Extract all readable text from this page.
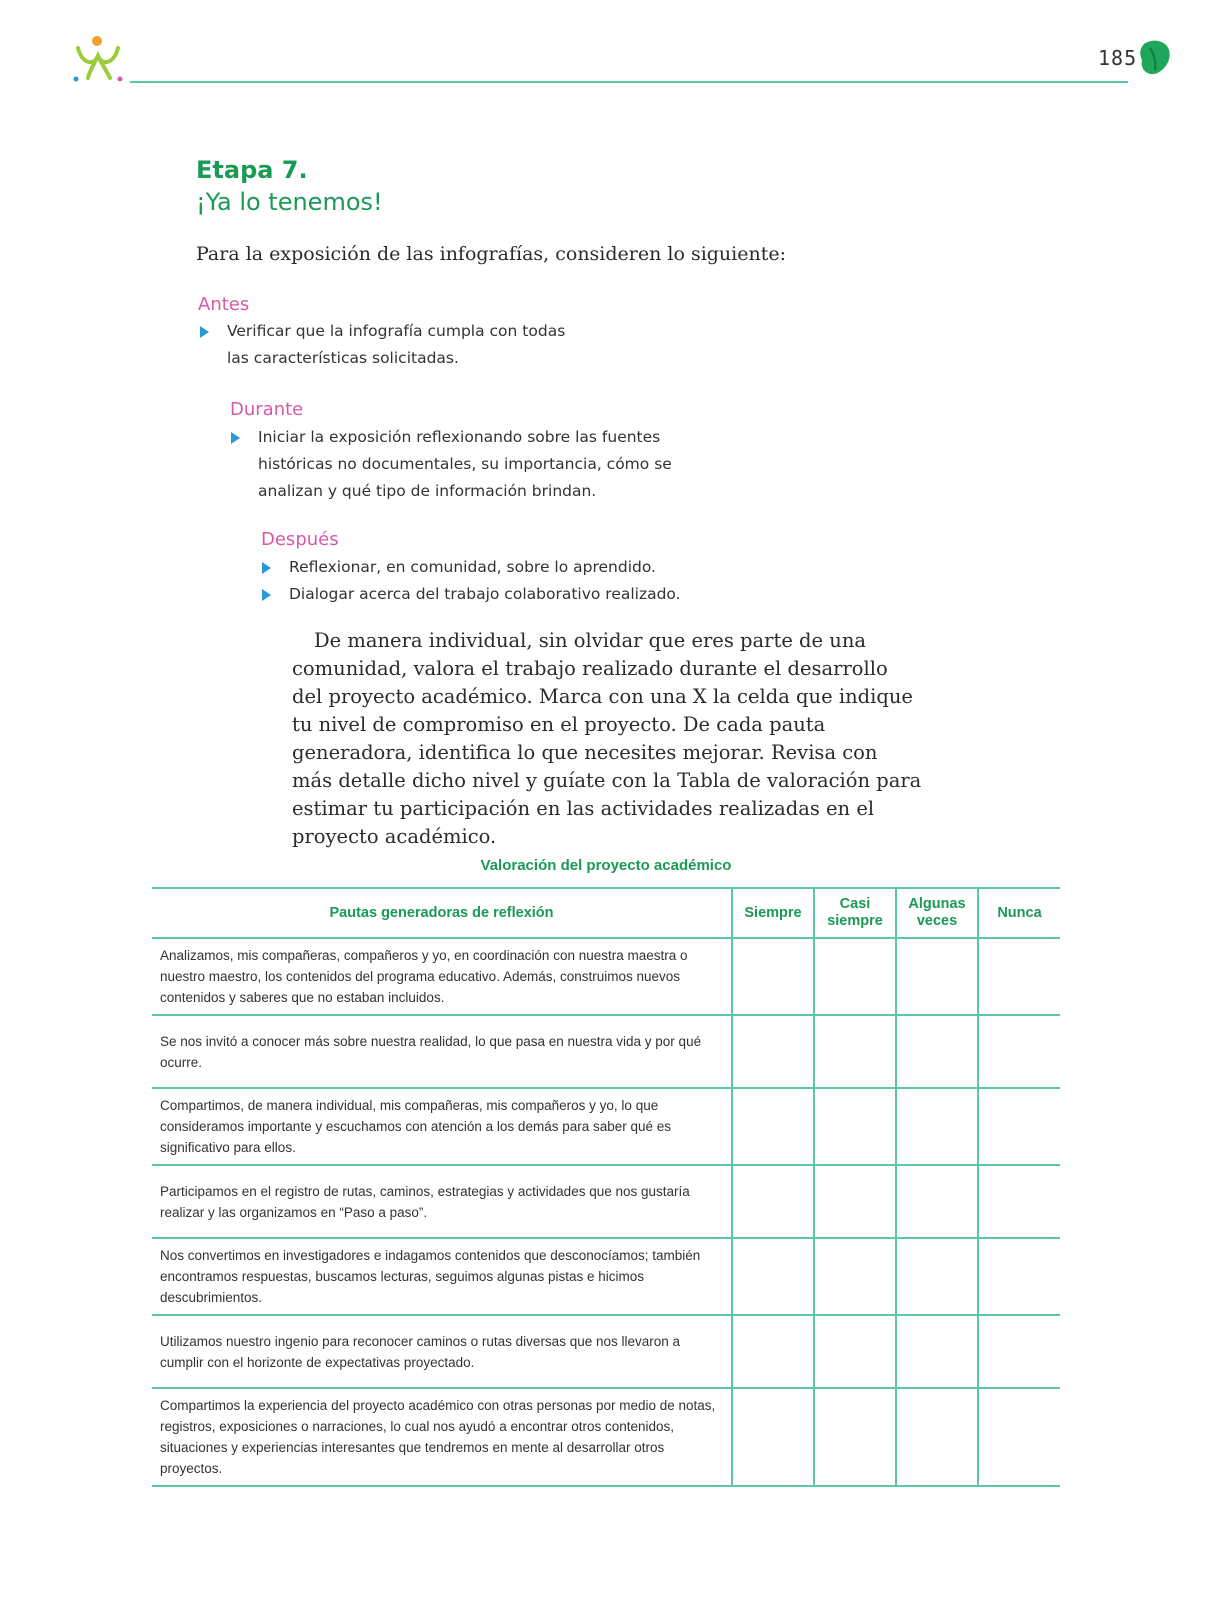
185
Etapa 7.
¡Ya lo tenemos!
Para la exposición de las infografías, consideren lo siguiente:
Antes
Verificar que la infografía cumpla con todas las características solicitadas.
Durante
Iniciar la exposición reflexionando sobre las fuentes históricas no documentales, su importancia, cómo se analizan y qué tipo de información brindan.
Después
Reflexionar, en comunidad, sobre lo aprendido.
Dialogar acerca del trabajo colaborativo realizado.
De manera individual, sin olvidar que eres parte de una comunidad, valora el trabajo realizado durante el desarrollo del proyecto académico. Marca con una X la celda que indique tu nivel de compromiso en el proyecto. De cada pauta generadora, identifica lo que necesites mejorar. Revisa con más detalle dicho nivel y guíate con la Tabla de valoración para estimar tu participación en las actividades realizadas en el proyecto académico.
Valoración del proyecto académico
Pautas generadoras de reflexión	Siempre	Casi siempre	Algunas veces	Nunca
Analizamos, mis compañeras, compañeros y yo, en coordinación con nuestra maestra o nuestro maestro, los contenidos del programa educativo. Además, construimos nuevos contenidos y saberes que no estaban incluidos.				
Se nos invitó a conocer más sobre nuestra realidad, lo que pasa en nuestra vida y por qué ocurre.				
Compartimos, de manera individual, mis compañeras, mis compañeros y yo, lo que consideramos importante y escuchamos con atención a los demás para saber qué es significativo para ellos.				
Participamos en el registro de rutas, caminos, estrategias y actividades que nos gustaría realizar y las organizamos en “Paso a paso”.				
Nos convertimos en investigadores e indagamos contenidos que desconocíamos; también encontramos respuestas, buscamos lecturas, seguimos algunas pistas e hicimos descubrimientos.				
Utilizamos nuestro ingenio para reconocer caminos o rutas diversas que nos llevaron a cumplir con el horizonte de expectativas proyectado.				
Compartimos la experiencia del proyecto académico con otras personas por medio de notas, registros, exposiciones o narraciones, lo cual nos ayudó a encontrar otros contenidos, situaciones y experiencias interesantes que tendremos en mente al desarrollar otros proyectos.				
